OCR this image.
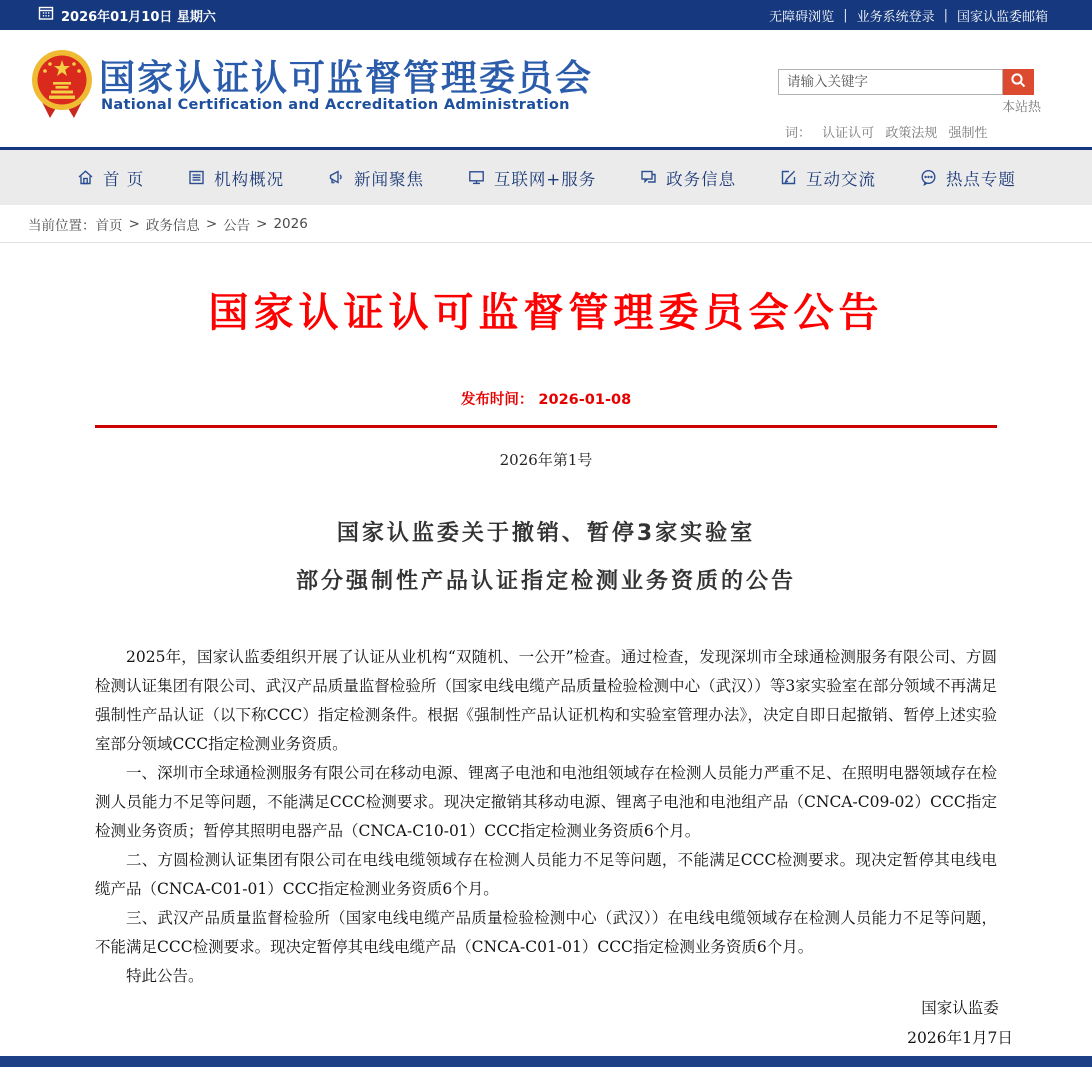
2026年01月10日 星期六	无障碍浏览 | 业务系统登录 | 国家认监委邮箱
国家认证认可监督管理委员会
National Certification and Accreditation Administration
请输入关键字	本站热
词： 认证认可 政策法规 强制性
首 页	机构概况	新闻聚焦	互联网+服务	政务信息	互动交流	热点专题
当前位置： 首页 > 政务信息 > 公告 > 2026
国家认证认可监督管理委员会公告
发布时间： 2026-01-08
2026年第1号
国家认监委关于撤销、暂停3家实验室
部分强制性产品认证指定检测业务资质的公告

2025年，国家认监委组织开展了认证从业机构“双随机、一公开”检查。通过检查，发现深圳市全球通检测服务有限公司、方圆检测认证集团有限公司、武汉产品质量监督检验所（国家电线电缆产品质量检验检测中心（武汉））等3家实验室在部分领域不再满足强制性产品认证（以下称CCC）指定检测条件。根据《强制性产品认证机构和实验室管理办法》，决定自即日起撤销、暂停上述实验室部分领域CCC指定检测业务资质。

一、深圳市全球通检测服务有限公司在移动电源、锂离子电池和电池组领域存在检测人员能力严重不足、在照明电器领域存在检测人员能力不足等问题，不能满足CCC检测要求。现决定撤销其移动电源、锂离子电池和电池组产品（CNCA-C09-02）CCC指定检测业务资质；暂停其照明电器产品（CNCA-C10-01）CCC指定检测业务资质6个月。

二、方圆检测认证集团有限公司在电线电缆领域存在检测人员能力不足等问题，不能满足CCC检测要求。现决定暂停其电线电缆产品（CNCA-C01-01）CCC指定检测业务资质6个月。

三、武汉产品质量监督检验所（国家电线电缆产品质量检验检测中心（武汉））在电线电缆领域存在检测人员能力不足等问题，不能满足CCC检测要求。现决定暂停其电线电缆产品（CNCA-C01-01）CCC指定检测业务资质6个月。

特此公告。

国家认监委
2026年1月7日
